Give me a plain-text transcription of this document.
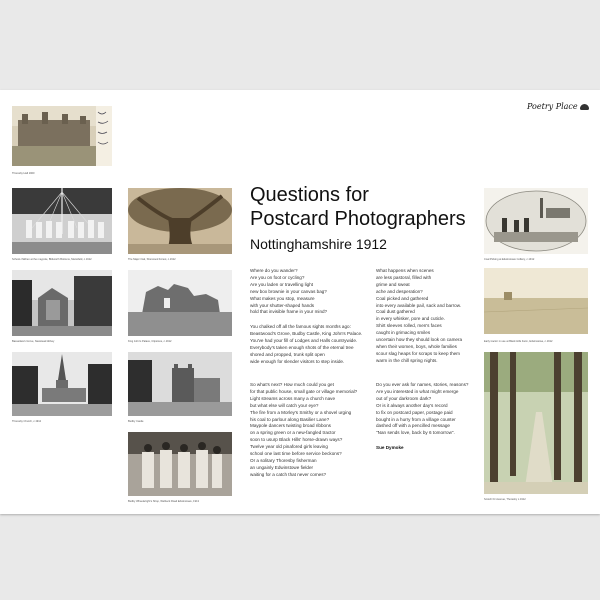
Poetry Place
Thoresby Hall 1900
School children at the maypole, Blidworth Bottoms, Mansfield, c.1912
Bassetlaw's Grove, Newstead Abbey
Thoresby Church, c.1912
The Major Oak, Sherwood Forest, c.1912
King John's Palace, Clipstone, c.1912
Budby Castle
Budby Wheelwright's Shop, Welbeck Road Edwinstowe, 1913
Questions for
Postcard Photographers
Nottinghamshire 1912
Where do you wander?
Are you on foot or cycling?
Are you laden or travelling light
new box brownie in your canvas bag?
What makes you stop, measure
with your shutter-shaped hands
hold that invisible frame in your mind?
You chalked off all the famous sights months ago:
Beastwood's Grove, Budby Castle, King John's Palace.
You've had your fill of Lodges and Halls countrywide.
Everybody's taken enough shots of the eternal tree
shored and propped, trunk split open
wide enough for slender visitors to step inside.
So what's next? How much could you get
for that public house, small gate or village memorial?
Light streams across many a church nave
but what else will catch your eye?
The fire from a Morley's Smithy or a shovel urging
his coal to parlour along Basilier Lane?
Maypole dancers twisting broad ribbons
on a spring green or a new-fangled tractor
soon to usurp Black Hills' horse-drawn ways?
Twelve year old pinafored girls leaving
school one last time before service beckons?
Or a solitary Thoresby fisherman
an ungainly Edwinstowe fielder
waiting for a catch that never comes?
What happens when scenes
are less pastoral, filled with
grime and sweat
ache and desperation?
Coal picked and gathered
into every available pail, sack and barrow.
Coal dust gathered
in every whisker, pore and cuticle.
Shirt sleeves rolled, men's faces
caught in grimacing smiles
uncertain how they should look on camera
when their women, boys, whole families
scour slag heaps for scraps to keep them
warm in the chill spring nights.
Do you ever ask for names, stories, reasons?
Are you interested in what might emerge
out of your darkroom dark?
Or is it always another day's record
to fix on postcard paper, postage paid
bought in a hurry from a village counter
dashed off with a pencilled message
"Nan sends love, back by 6 tomorrow".
Sue Dymoke
Coal Picking at Edwinstowe Colliery, c.1912
Early tractor in use at Black Hills Farm, Edwinstowe, c.1912
Scotch Fir Avenue, Thoresby c.1912
